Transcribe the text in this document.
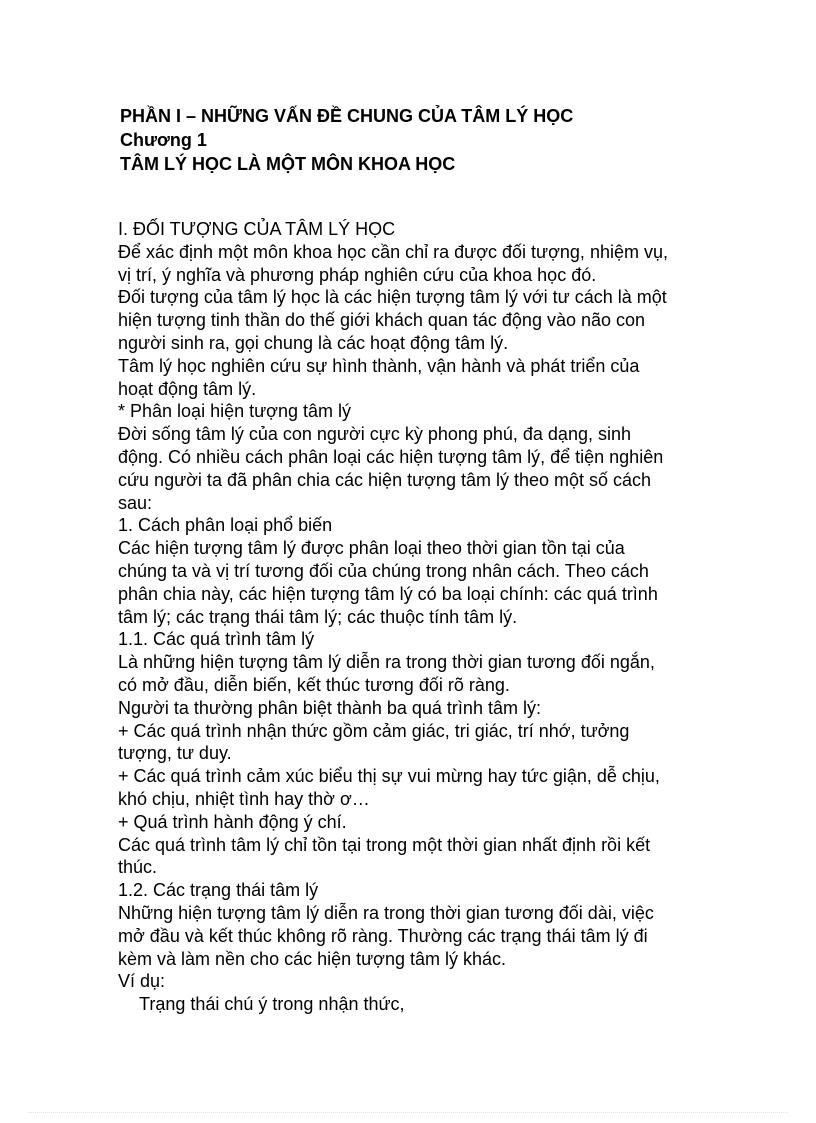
PHẦN I – NHỮNG VẤN ĐỀ CHUNG CỦA TÂM LÝ HỌC
Chương 1
TÂM LÝ HỌC LÀ MỘT MÔN KHOA HỌC
I. ĐỐI TƯỢNG CỦA TÂM LÝ HỌC
Để xác định một môn khoa học cần chỉ ra được đối tượng, nhiệm vụ,
vị trí, ý nghĩa và phương pháp nghiên cứu của khoa học đó.
Đối tượng của tâm lý học là các hiện tượng tâm lý với tư cách là một
hiện tượng tinh thần do thế giới khách quan tác động vào não con
người sinh ra, gọi chung là các hoạt động tâm lý.
Tâm lý học nghiên cứu sự hình thành, vận hành và phát triển của
hoạt động tâm lý.
* Phân loại hiện tượng tâm lý
Đời sống tâm lý của con người cực kỳ phong phú, đa dạng, sinh
động. Có nhiều cách phân loại các hiện tượng tâm lý, để tiện nghiên
cứu người ta đã phân chia các hiện tượng tâm lý theo một số cách
sau:
1. Cách phân loại phổ biến
Các hiện tượng tâm lý được phân loại theo thời gian tồn tại của
chúng ta và vị trí tương đối của chúng trong nhân cách. Theo cách
phân chia này, các hiện tượng tâm lý có ba loại chính: các quá trình
tâm lý; các trạng thái tâm lý; các thuộc tính tâm lý.
1.1. Các quá trình tâm lý
Là những hiện tượng tâm lý diễn ra trong thời gian tương đối ngắn,
có mở đầu, diễn biến, kết thúc tương đối rõ ràng.
Người ta thường phân biệt thành ba quá trình tâm lý:
+ Các quá trình nhận thức gồm cảm giác, tri giác, trí nhớ, tưởng
tượng, tư duy.
+ Các quá trình cảm xúc biểu thị sự vui mừng hay tức giận, dễ chịu,
khó chịu, nhiệt tình hay thờ ơ…
+ Quá trình hành động ý chí.
Các quá trình tâm lý chỉ tồn tại trong một thời gian nhất định rồi kết
thúc.
1.2. Các trạng thái tâm lý
Những hiện tượng tâm lý diễn ra trong thời gian tương đối dài, việc
mở đầu và kết thúc không rõ ràng. Thường các trạng thái tâm lý đi
kèm và làm nền cho các hiện tượng tâm lý khác.
Ví dụ:
Trạng thái chú ý trong nhận thức,
